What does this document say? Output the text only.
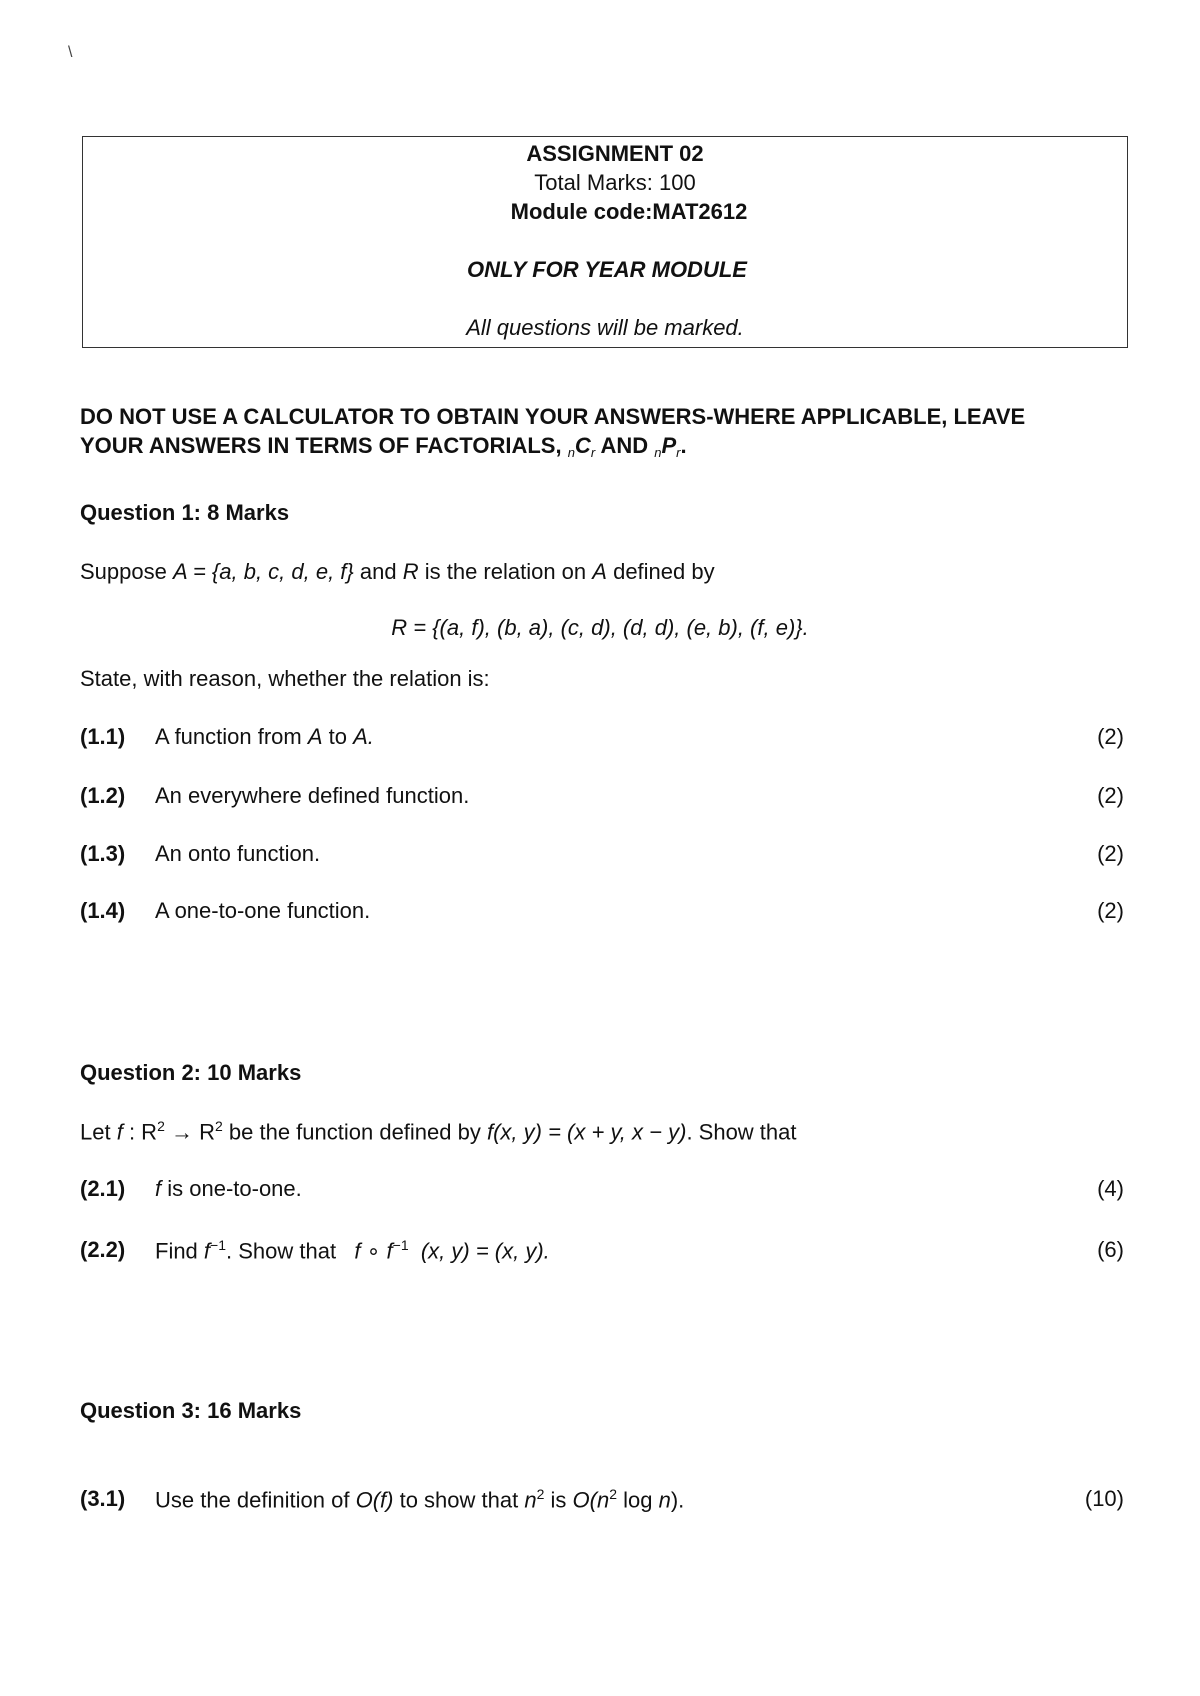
\
ASSIGNMENT 02
Total Marks: 100
Module code:MAT2612
ONLY FOR YEAR MODULE
All questions will be marked.
DO NOT USE A CALCULATOR TO OBTAIN YOUR ANSWERS-WHERE APPLICABLE, LEAVE
YOUR ANSWERS IN TERMS OF FACTORIALS, nCr AND nPr.
Question 1: 8 Marks
Suppose A = {a, b, c, d, e, f} and R is the relation on A defined by
R = {(a, f), (b, a), (c, d), (d, d), (e, b), (f, e)}.
State, with reason, whether the relation is:
(1.1) A function from A to A.	(2)
(1.2) An everywhere defined function.	(2)
(1.3) An onto function.	(2)
(1.4) A one-to-one function.	(2)
Question 2: 10 Marks
Let f : $R^2 \to R^2$ be the function defined by f(x, y) = (x + y, x − y). Show that
(2.1) f is one-to-one.	(4)
(2.2) Find $f^{-1}$. Show that   f ∘ $f^{-1}$  (x, y) = (x, y).	(6)
Question 3: 16 Marks
(3.1) Use the definition of O(f) to show that $n^2$ is $O(n^2$ log n).	(10)
